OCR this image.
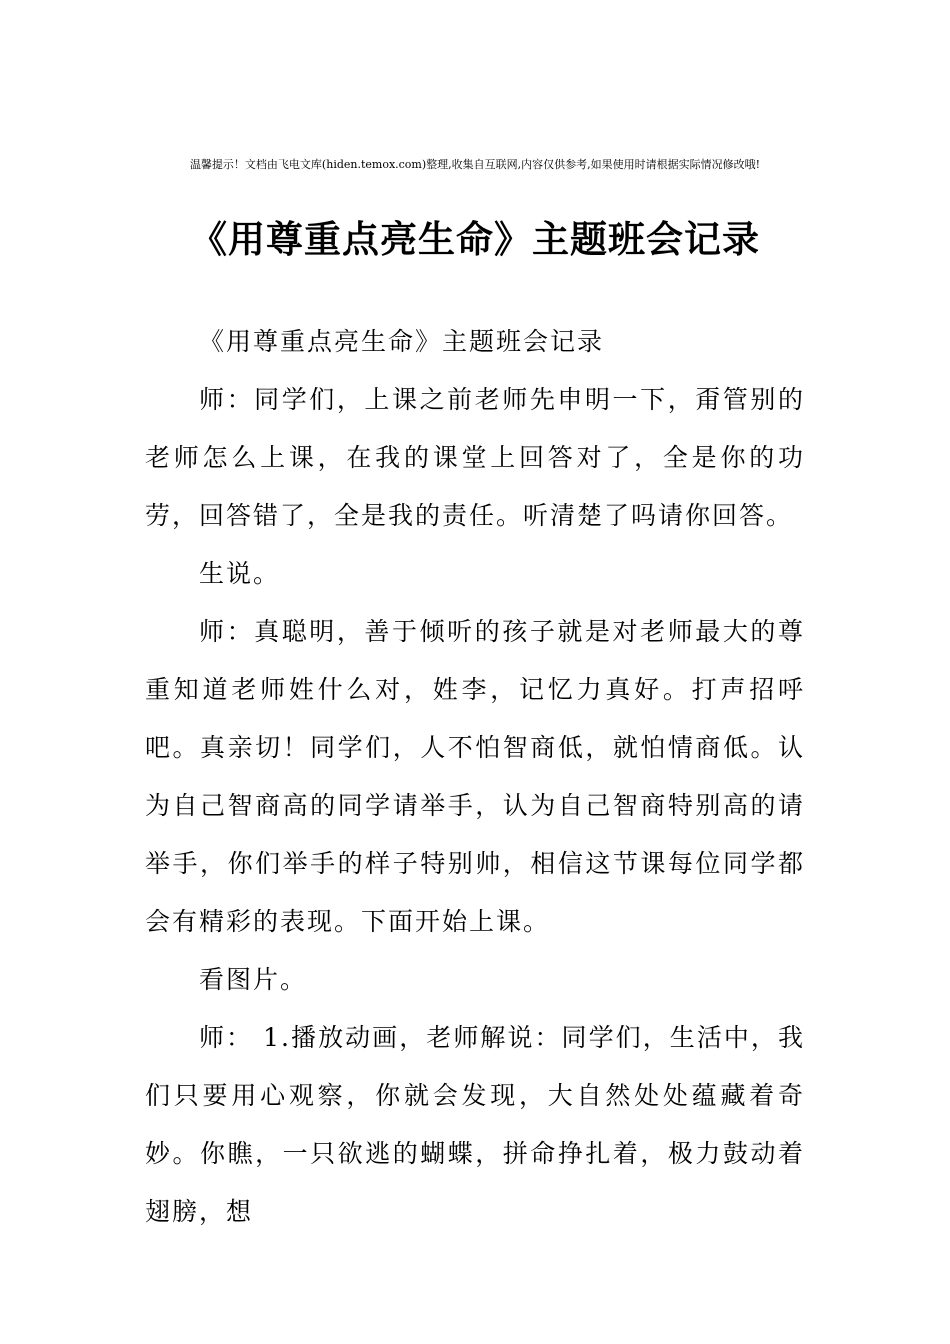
温馨提示！文档由飞电文库(hiden.temox.com)整理,收集自互联网,内容仅供参考,如果使用时请根据实际情况修改哦!
《用尊重点亮生命》主题班会记录

《用尊重点亮生命》主题班会记录

师：同学们，上课之前老师先申明一下，甭管别的老师怎么上课，在我的课堂上回答对了，全是你的功劳，回答错了，全是我的责任。听清楚了吗请你回答。

生说。

师：真聪明，善于倾听的孩子就是对老师最大的尊重知道老师姓什么对，姓李，记忆力真好。打声招呼吧。真亲切！同学们，人不怕智商低，就怕情商低。认为自己智商高的同学请举手，认为自己智商特别高的请举手，你们举手的样子特别帅，相信这节课每位同学都会有精彩的表现。下面开始上课。

看图片。

师： 1.播放动画，老师解说：同学们，生活中，我们只要用心观察，你就会发现，大自然处处蕴藏着奇妙。你瞧，一只欲逃的蝴蝶，拼命挣扎着，极力鼓动着翅膀，想
